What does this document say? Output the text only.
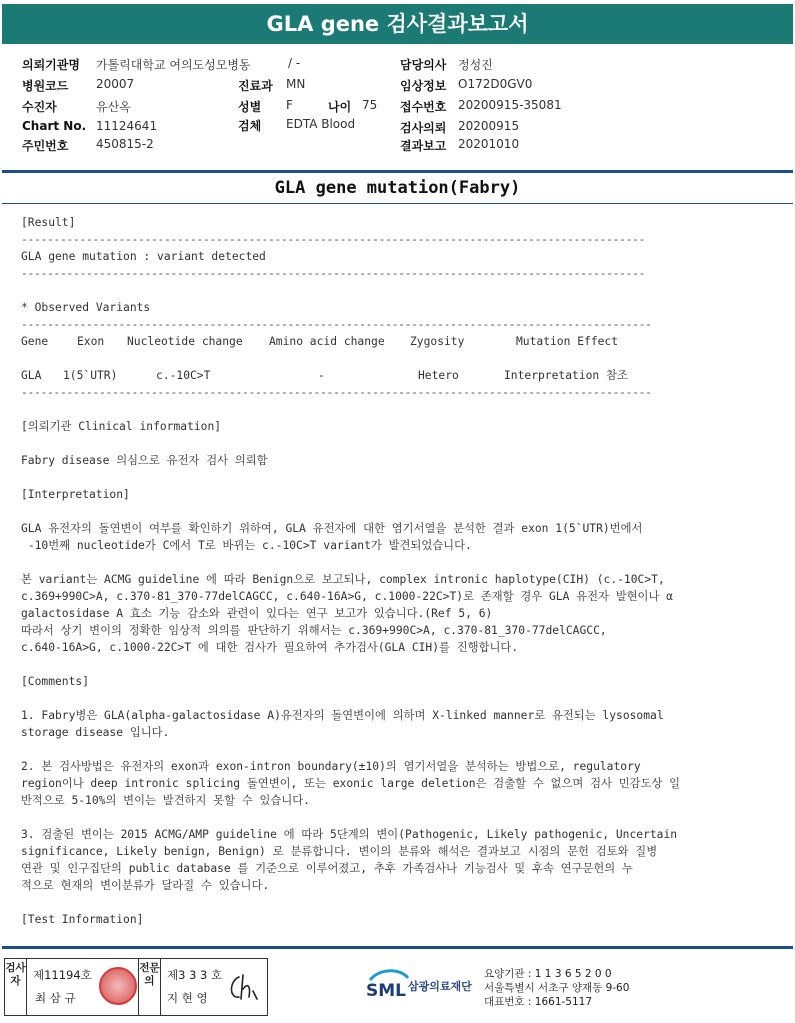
GLA gene 검사결과보고서
의뢰기관명 가톨릭대학교 여의도성모병동	/ -
병원코드 20007
수진자	유산옥
Chart No. 11124641
주민번호 450815-2
진료과 MN
성별 F	나이 75
검체 EDTA Blood
담당의사 정성진
임상정보 O172D0GV0
접수번호 20200915-35081
검사의뢰 20200915
결과보고 20201010
GLA gene mutation(Fabry)

[Result]

------------------------------------------------------------------------------------------------

GLA gene mutation : variant detected

------------------------------------------------------------------------------------------------

* Observed Variants

-------------------------------------------------------------------------------------------------

Gene	Exon Nucleotide change Amino acid change Zygosity	Mutation Effect
GLA 1(5`UTR)	c.-10C>T	-	Hetero	Interpretation 참조

-------------------------------------------------------------------------------------------------

[의뢰기관 Clinical information]

Fabry disease 의심으로 유전자 검사 의뢰함

[Interpretation]

GLA 유전자의 돌연변이 여부를 확인하기 위하여, GLA 유전자에 대한 염기서열을 분석한 결과 exon 1(5`UTR)번에서
-10번째 nucleotide가 C에서 T로 바뀌는 c.-10C>T variant가 발견되었습니다.

본 variant는 ACMG guideline 에 따라 Benign으로 보고되나, complex intronic haplotype(CIH) (c.-10C>T,
c.369+990C>A, c.370-81_370-77delCAGCC, c.640-16A>G, c.1000-22C>T)로 존재할 경우 GLA 유전자 발현이나 α
galactosidase A 효소 기능 감소와 관련이 있다는 연구 보고가 있습니다.(Ref 5, 6)
따라서 상기 변이의 정확한 임상적 의의를 판단하기 위해서는 c.369+990C>A, c.370-81_370-77delCAGCC,
c.640-16A>G, c.1000-22C>T 에 대한 검사가 필요하여 추가검사(GLA CIH)를 진행합니다.

[Comments]

1. Fabry병은 GLA(alpha-galactosidase A)유전자의 돌연변이에 의하며 X-linked manner로 유전되는 lysosomal
storage disease 입니다.

2. 본 검사방법은 유전자의 exon과 exon-intron boundary(±10)의 염기서열을 분석하는 방법으로, regulatory
region이나 deep intronic splicing 돌연변이, 또는 exonic large deletion은 검출할 수 없으며 검사 민감도상 일
반적으로 5-10%의 변이는 발견하지 못할 수 있습니다.

3. 검출된 변이는 2015 ACMG/AMP guideline 에 따라 5단계의 변이(Pathogenic, Likely pathogenic, Uncertain
significance, Likely benign, Benign) 로 분류합니다. 변이의 분류와 해석은 결과보고 시점의 문헌 검토와 질병
연관 및 인구집단의 public database 를 기준으로 이루어졌고, 추후 가족검사나 기능검사 및 후속 연구문헌의 누
적으로 현재의 변이분류가 달라질 수 있습니다.

[Test Information]

검사자	제11194호
최 삼 규
전문의	제3 3 3 호
지 현 영	SML 삼광의료재단
요양기관 : 1 1 3 6 5 2 0 0
서울특별시 서초구 양재동 9-60
대표번호 : 1661-5117
